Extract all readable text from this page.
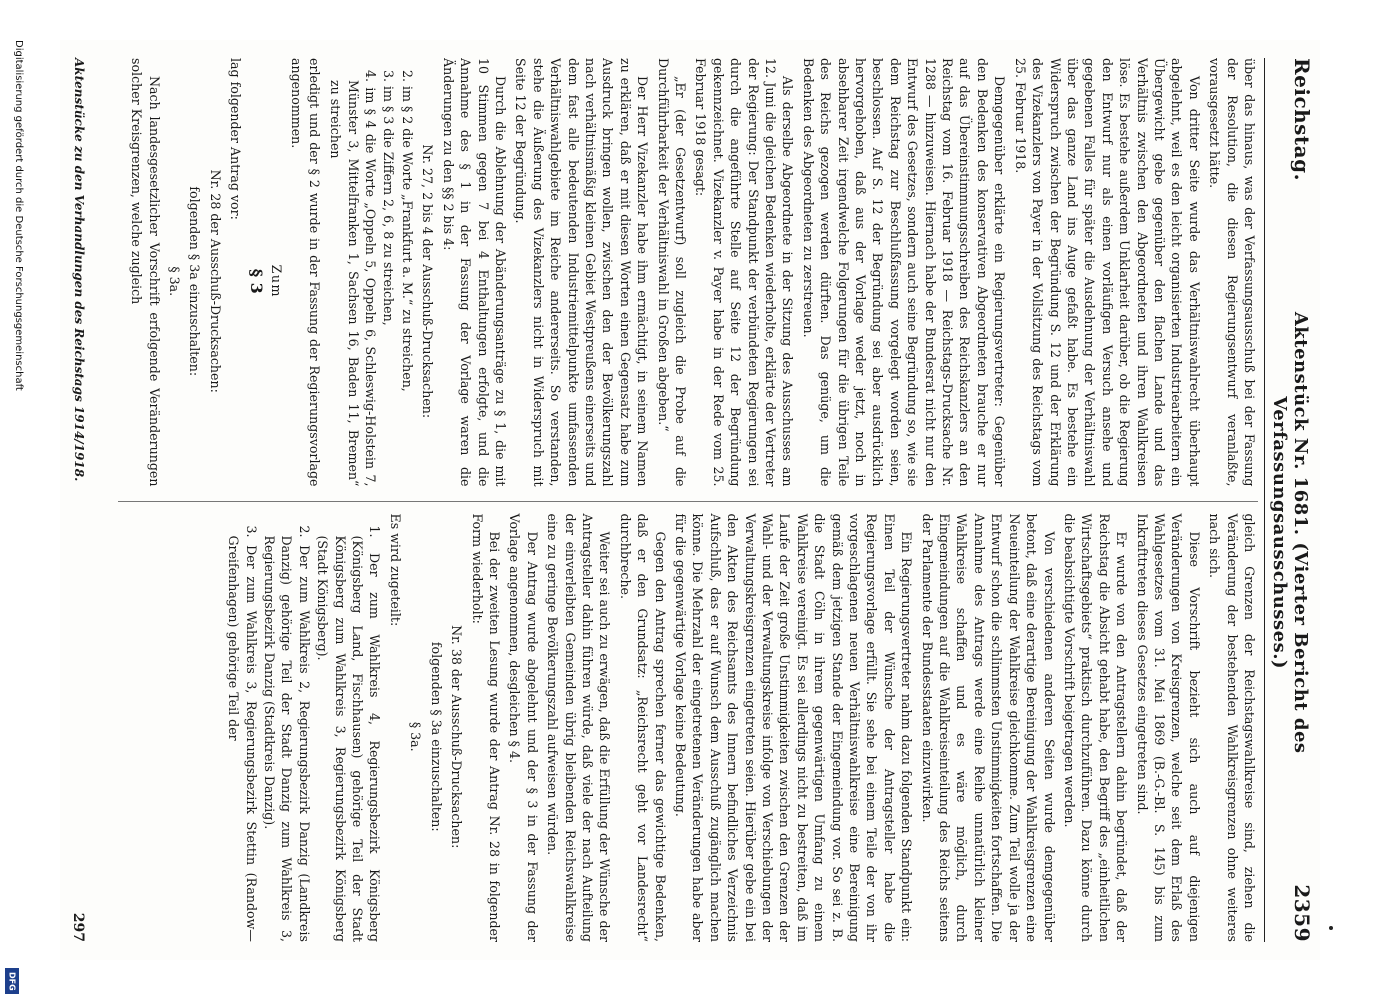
Digitalisierung gefördert durch die Deutsche Forschungsgemeinschaft
DFG
Reichstag.
Aktenstück Nr. 1681. (Vierter Bericht des Verfassungsausschusses.)
2359

über das hinaus, was der Verfassungsausschuß bei der Fassung der Resolution, die diesen Regierungsentwurf veranlaßte, vorausgesetzt hätte.

Von dritter Seite wurde das Verhältniswahlrecht überhaupt abgelehnt, weil es den leicht organisierten Industriearbeitern ein Übergewicht gebe gegenüber den flachen Lande und das Verhältnis zwischen den Abgeordneten und ihren Wahlkreisen löse. Es bestehe außerdem Unklarheit darüber, ob die Regierung den Entwurf nur als einen vorläufigen Versuch ansehe und gegebenen Falles für später die Ausdehnung der Verhältniswahl über das ganze Land ins Auge gefaßt habe. Es bestehe ein Widerspruch zwischen der Begründung S. 12 und der Erklärung des Vizekanzlers von Payer in der Vollsitzung des Reichstags vom 25. Februar 1918.

Demgegenüber erklärte ein Regierungsvertreter: Gegenüber den Bedenken des konservativen Abgeordneten brauche er nur auf das Übereinstimmungsschreiben des Reichskanzlers an den Reichstag vom 16. Februar 1918 — Reichstags-Drucksache Nr. 1288 — hinzuweisen. Hiernach habe der Bundesrat nicht nur den Entwurf des Gesetzes, sondern auch seine Begründung so, wie sie dem Reichstag zur Beschlußfassung vorgelegt worden seien, beschlossen. Auf S. 12 der Begründung sei aber ausdrücklich hervorgehoben, daß aus der Vorlage weder jetzt, noch in absehbarer Zeit irgendwelche Folgerungen für die übrigen Teile des Reichs gezogen werden dürften. Das genüge, um die Bedenken des Abgeordneten zu zerstreuen.

Als derselbe Abgeordnete in der Sitzung des Ausschusses am 12. Juni die gleichen Bedenken wiederholte, erklärte der Vertreter der Regierung: Der Standpunkt der verbündeten Regierungen sei durch die angeführte Stelle auf Seite 12 der Begründung gekennzeichnet. Vizekanzler v. Payer habe in der Rede vom 25. Februar 1918 gesagt:

„Er (der Gesetzentwurf) soll zugleich die Probe auf die Durchführbarkeit der Verhältniswahl in Großen abgeben.“

Der Herr Vizekanzler habe ihm ermächtigt, in seinem Namen zu erklären, daß er mit diesen Worten einen Gegensatz habe zum Ausdruck bringen wollen, zwischen den der Bevölkerungszahl nach verhältnismäßig kleinen Gebiet Westpreußens einerseits und dem fast alle bedeutenden Industriemittelpunkte umfassenden Verhältniswahlgebiete im Reiche andererseits. So verstanden, stehe die Äußerung des Vizekanzlers nicht in Widerspruch mit Seite 12 der Begründung.

Durch die Ablehnung der Abänderungsanträge zu § 1, die mit 10 Stimmen gegen 7 bei 4 Enthaltungen erfolgte, und die Annahme des § 1 in der Fassung der Vorlage waren die Änderungen zu den §§ 2 bis 4:

Nr. 27, 2 bis 4 der Ausschuß-Drucksachen:

2. im § 2 die Worte „Frankfurt a. M.“ zu streichen,
3. im § 3 die Ziffern 2, 6, 8 zu streichen,
4. im § 4 die Worte „Oppeln 5, Oppeln 6, Schleswig-Holstein 7, Münster 3, Mittelfranken 1, Sachsen 16, Baden 11, Bremen“ zu streichen

erledigt und der § 2 wurde in der Fassung der Regierungsvorlage angenommen.

Zum

§ 3

lag folgender Antrag vor:

Nr. 28 der Ausschuß-Drucksachen:

folgenden § 3a einzuschalten:

§ 3a.

Nach landesgesetzlicher Vorschrift erfolgende Veränderungen solcher Kreisgrenzen, welche zugleich

gleich Grenzen der Reichstagswahlkreise sind, ziehen die Veränderung der bestehenden Wahlkreisgrenzen ohne weiteres nach sich.

Diese Vorschrift bezieht sich auch auf diejenigen Veränderungen von Kreisgrenzen, welche seit dem Erlaß des Wahlgesetzes vom 31. Mai 1869 (B.-G.-Bl. S. 145) bis zum Inkrafttreten dieses Gesetzes eingetreten sind.

Er wurde von den Antragstellern dahin begründet, daß der Reichstag die Absicht gehabt habe, den Begriff des „einheitlichen Wirtschaftsgebiets“ praktisch durchzuführen. Dazu könne durch die beabsichtigte Vorschrift beigetragen werden.

Von verschiedenen anderen Seiten wurde demgegenüber betont, daß eine derartige Bereinigung der Wahlkreisgrenzen eine Neueinteilung der Wahlkreise gleichkomme. Zum Teil wolle ja der Entwurf schon die schlimmsten Unstimmigkeiten fortschaffen. Die Annahme des Antrags werde eine Reihe unnatürlich kleiner Wahlkreise schaffen und es wäre möglich, durch Eingemeindungen auf die Wahlkreiseinteilung des Reichs seitens der Parlamente der Bundesstaaten einzuwirken.

Ein Regierungsvertreter nahm dazu folgenden Standpunkt ein: Einen Teil der Wünsche der Antragsteller habe die Regierungsvorlage erfüllt. Sie sehe bei einem Teile der von ihr vorgeschlagenen neuen Verhältniswahlkreise eine Bereinigung gemäß dem jetzigen Stande der Eingemeindung vor. So sei z. B. die Stadt Cöln in ihrem gegenwärtigen Umfang zu einem Wahlkreise vereinigt. Es sei allerdings nicht zu bestreiten, daß im Laufe der Zeit große Unstimmigkeiten zwischen den Grenzen der Wahl- und der Verwaltungskreise infolge von Verschiebungen der Verwaltungskreisgrenzen eingetreten seien. Hierüber gebe ein bei den Akten des Reichsamts des Innern befindliches Verzeichnis Aufschluß, das er auf Wunsch dem Ausschuß zugänglich machen könne. Die Mehrzahl der eingetretenen Veränderungen habe aber für die gegenwärtige Vorlage keine Bedeutung.

Gegen den Antrag sprechen ferner das gewichtige Bedenken, daß er den Grundsatz: „Reichsrecht geht vor Landesrecht“ durchbreche.

Weiter sei auch zu erwägen, daß die Erfüllung der Wünsche der Antragsteller dahin führen würde, daß viele der nach Aufteilung der einverleibten Gemeinden übrig bleibenden Reichswahlkreise eine zu geringe Bevölkerungszahl aufweisen würden.

Der Antrag wurde abgelehnt und der § 3 in der Fassung der Vorlage angenommen, desgleichen § 4.

Bei der zweiten Lesung wurde der Antrag Nr. 28 in folgender Form wiederholt:

Nr. 38 der Ausschuß-Drucksachen:

folgenden § 3a einzuschalten:

§ 3a.

Es wird zugeteilt:

1. Der zum Wahlkreis 4, Regierungsbezirk Königsberg (Königsberg Land, Fischhausen) gehörige Teil der Stadt Königsberg zum Wahlkreis 3, Regierungsbezirk Königsberg (Stadt Königsberg).
2. Der zum Wahlkreis 2, Regierungsbezirk Danzig (Landkreis Danzig) gehörige Teil der Stadt Danzig zum Wahlkreis 3, Regierungsbezirk Danzig (Stadtkreis Danzig).
3. Der zum Wahlkreis 3, Regierungsbezirk Stettin (Randow—Greifenhagen) gehörige Teil der
Aktenstücke zu den Verhandlungen des Reichstags 1914/1918.
297
